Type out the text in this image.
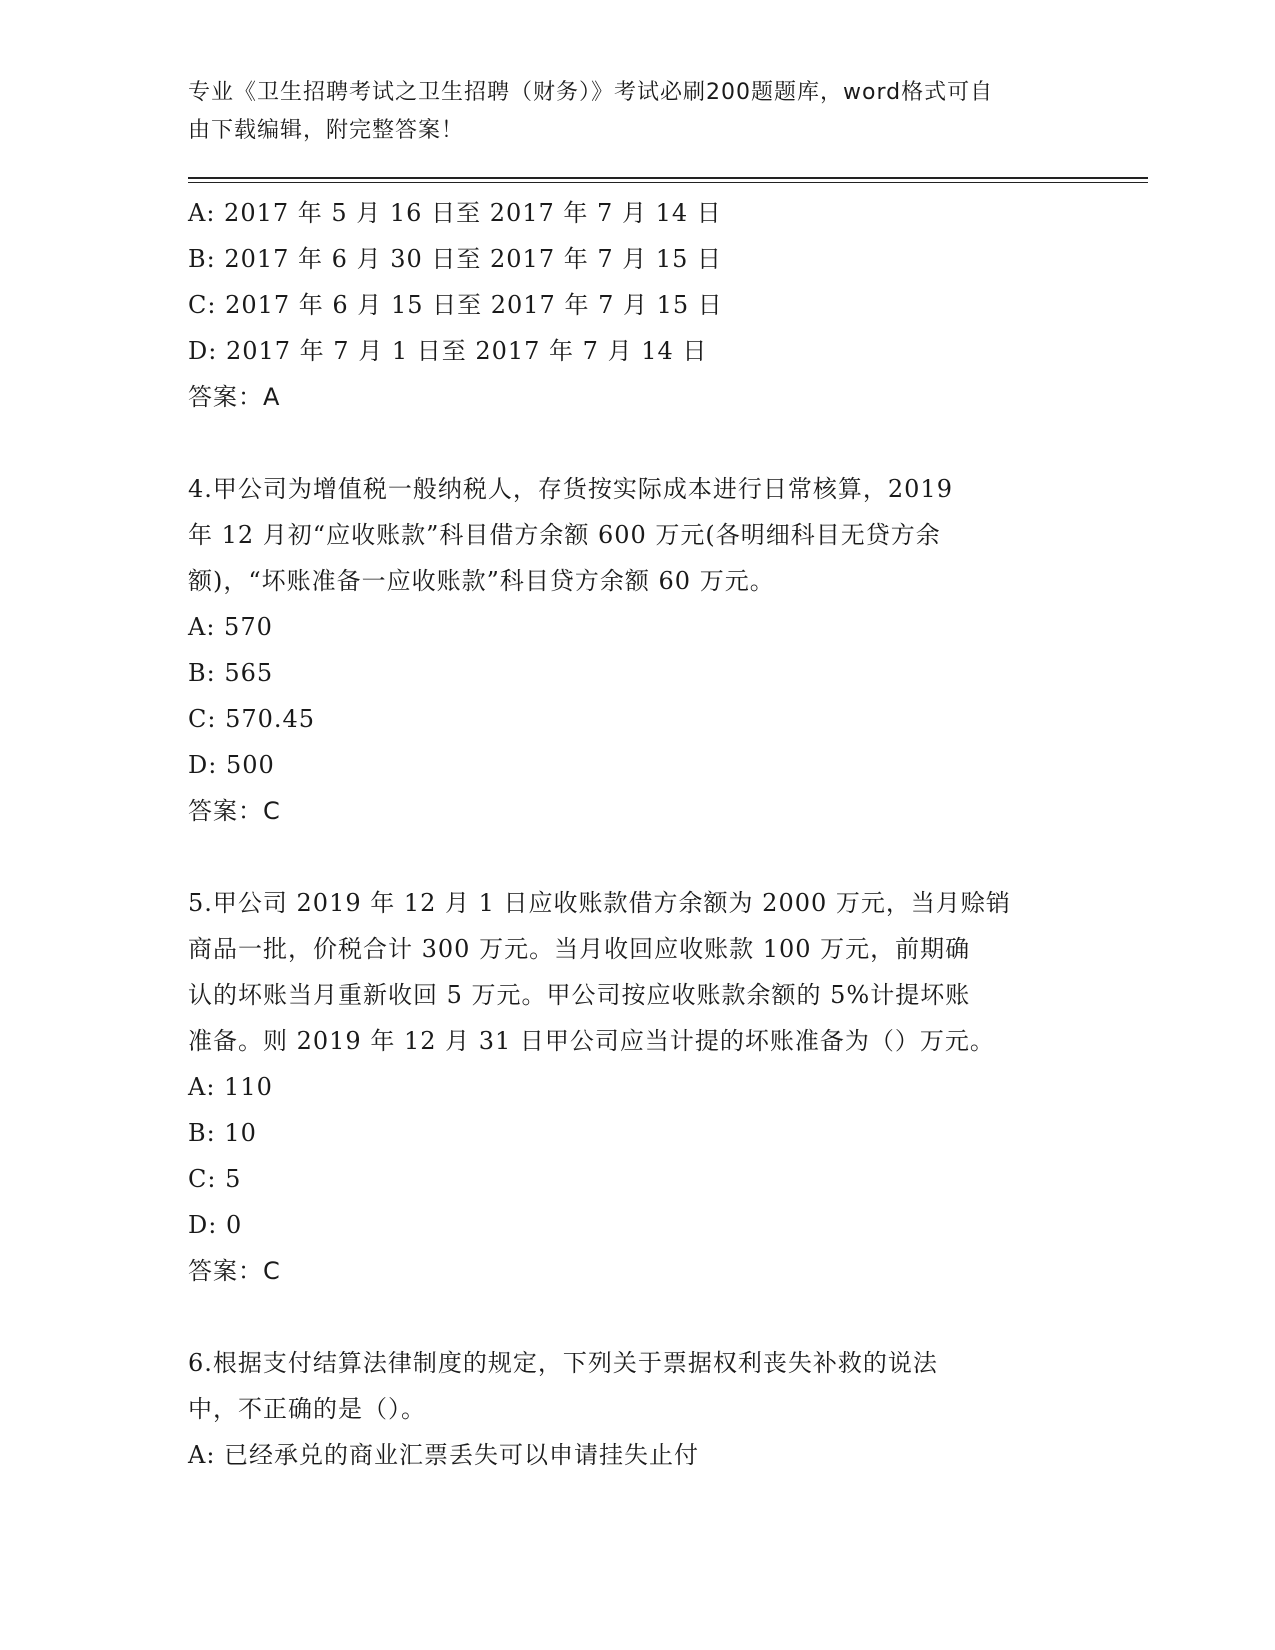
专业《卫生招聘考试之卫生招聘（财务）》考试必刷200题题库，word格式可自
由下载编辑，附完整答案！
A: 2017 年 5 月 16 日至 2017 年 7 月 14 日
B: 2017 年 6 月 30 日至 2017 年 7 月 15 日
C: 2017 年 6 月 15 日至 2017 年 7 月 15 日
D: 2017 年 7 月 1 日至 2017 年 7 月 14 日
答案：A
4.甲公司为增值税一般纳税人，存货按实际成本进行日常核算，2019
年 12 月初“应收账款”科目借方余额 600 万元(各明细科目无贷方余
额)，“坏账准备一应收账款”科目贷方余额 60 万元。
A: 570
B: 565
C: 570.45
D: 500
答案：C
5.甲公司 2019 年 12 月 1 日应收账款借方余额为 2000 万元，当月赊销
商品一批，价税合计 300 万元。当月收回应收账款 100 万元，前期确
认的坏账当月重新收回 5 万元。甲公司按应收账款余额的 5%计提坏账
准备。则 2019 年 12 月 31 日甲公司应当计提的坏账准备为（）万元。
A: 110
B: 10
C: 5
D: 0
答案：C
6.根据支付结算法律制度的规定，下列关于票据权利丧失补救的说法
中，不正确的是（）。
A: 已经承兑的商业汇票丢失可以申请挂失止付
